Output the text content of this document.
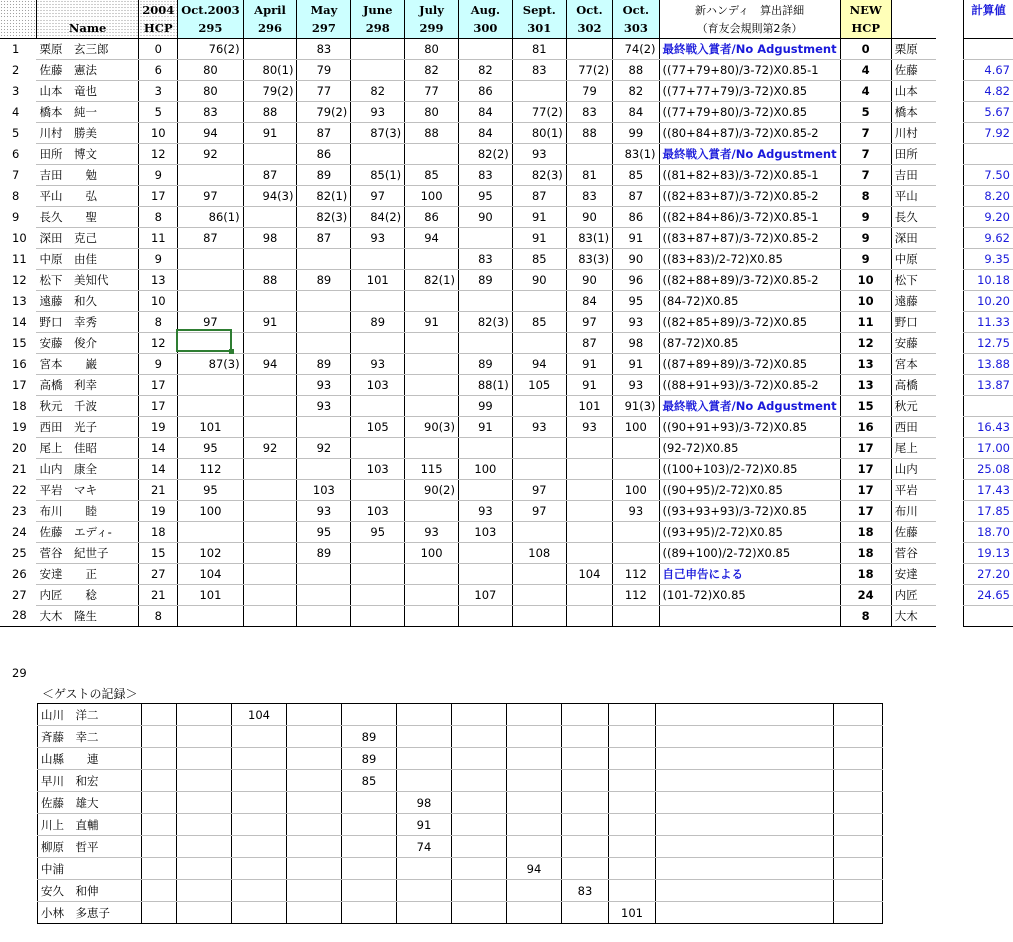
		2004	Oct.2003	April	May	June	July	Aug.	Sept.	Oct.	Oct.	新ハンディ　算出詳細	NEW			計算値
	Name	HCP	295	296	297	298	299	300	301	302	303	（育友会規則第2条）	HCP			
1	栗原　玄三郎	0	76(2)		83		80		81		74(2)	最終戦入賞者/No Adgustment	0	栗原		
2	佐藤　憲法	6	80	80(1)	79		82	82	83	77(2)	88	((77+79+80)/3-72)X0.85-1	4	佐藤		4.67
3	山本　竜也	3	80	79(2)	77	82	77	86		79	82	((77+77+79)/3-72)X0.85	4	山本		4.82
4	橋本　純一	5	83	88	79(2)	93	80	84	77(2)	83	84	((77+79+80)/3-72)X0.85	5	橋本		5.67
5	川村　勝美	10	94	91	87	87(3)	88	84	80(1)	88	99	((80+84+87)/3-72)X0.85-2	7	川村		7.92
6	田所　博文	12	92		86			82(2)	93		83(1)	最終戦入賞者/No Adgustment	7	田所		
7	吉田　　勉	9		87	89	85(1)	85	83	82(3)	81	85	((81+82+83)/3-72)X0.85-1	7	吉田		7.50
8	平山　　弘	17	97	94(3)	82(1)	97	100	95	87	83	87	((82+83+87)/3-72)X0.85-2	8	平山		8.20
9	長久　　聖	8	86(1)		82(3)	84(2)	86	90	91	90	86	((82+84+86)/3-72)X0.85-1	9	長久		9.20
10	深田　克己	11	87	98	87	93	94		91	83(1)	91	((83+87+87)/3-72)X0.85-2	9	深田		9.62
11	中原　由佳	9						83	85	83(3)	90	((83+83)/2-72)X0.85	9	中原		9.35
12	松下　美知代	13		88	89	101	82(1)	89	90	90	96	((82+88+89)/3-72)X0.85-2	10	松下		10.18
13	遠藤　和久	10								84	95	(84-72)X0.85	10	遠藤		10.20
14	野口　幸秀	8	97	91		89	91	82(3)	85	97	93	((82+85+89)/3-72)X0.85	11	野口		11.33
15	安藤　俊介	12								87	98	(87-72)X0.85	12	安藤		12.75
16	宮本　　巌	9	87(3)	94	89	93		89	94	91	91	((87+89+89)/3-72)X0.85	13	宮本		13.88
17	高橋　利幸	17			93	103		88(1)	105	91	93	((88+91+93)/3-72)X0.85-2	13	高橋		13.87
18	秋元　千波	17			93			99		101	91(3)	最終戦入賞者/No Adgustment	15	秋元		
19	西田　光子	19	101			105	90(3)	91	93	93	100	((90+91+93)/3-72)X0.85	16	西田		16.43
20	尾上　佳昭	14	95	92	92							(92-72)X0.85	17	尾上		17.00
21	山内　康全	14	112			103	115	100				((100+103)/2-72)X0.85	17	山内		25.08
22	平岩　マキ	21	95		103		90(2)		97		100	((90+95)/2-72)X0.85	17	平岩		17.43
23	布川　　睦	19	100		93	103		93	97		93	((93+93+93)/3-72)X0.85	17	布川		17.85
24	佐藤　エディ-	18			95	95	93	103				((93+95)/2-72)X0.85	18	佐藤		18.70
25	菅谷　紀世子	15	102		89		100		108			((89+100)/2-72)X0.85	18	菅谷		19.13
26	安達　　正	27	104							104	112	自己申告による	18	安達		27.20
27	内匠　　稔	21	101					107			112	(101-72)X0.85	24	内匠		24.65
28	大木　隆生	8											8	大木		
29
＜ゲストの記録＞
山川　洋二			104									
斉藤　幸二					89							
山縣　　連					89							
早川　和宏					85							
佐藤　雄大						98						
川上　直輔						91						
柳原　哲平						74						
中浦								94				
安久　和伸									83			
小林　多恵子										101		
